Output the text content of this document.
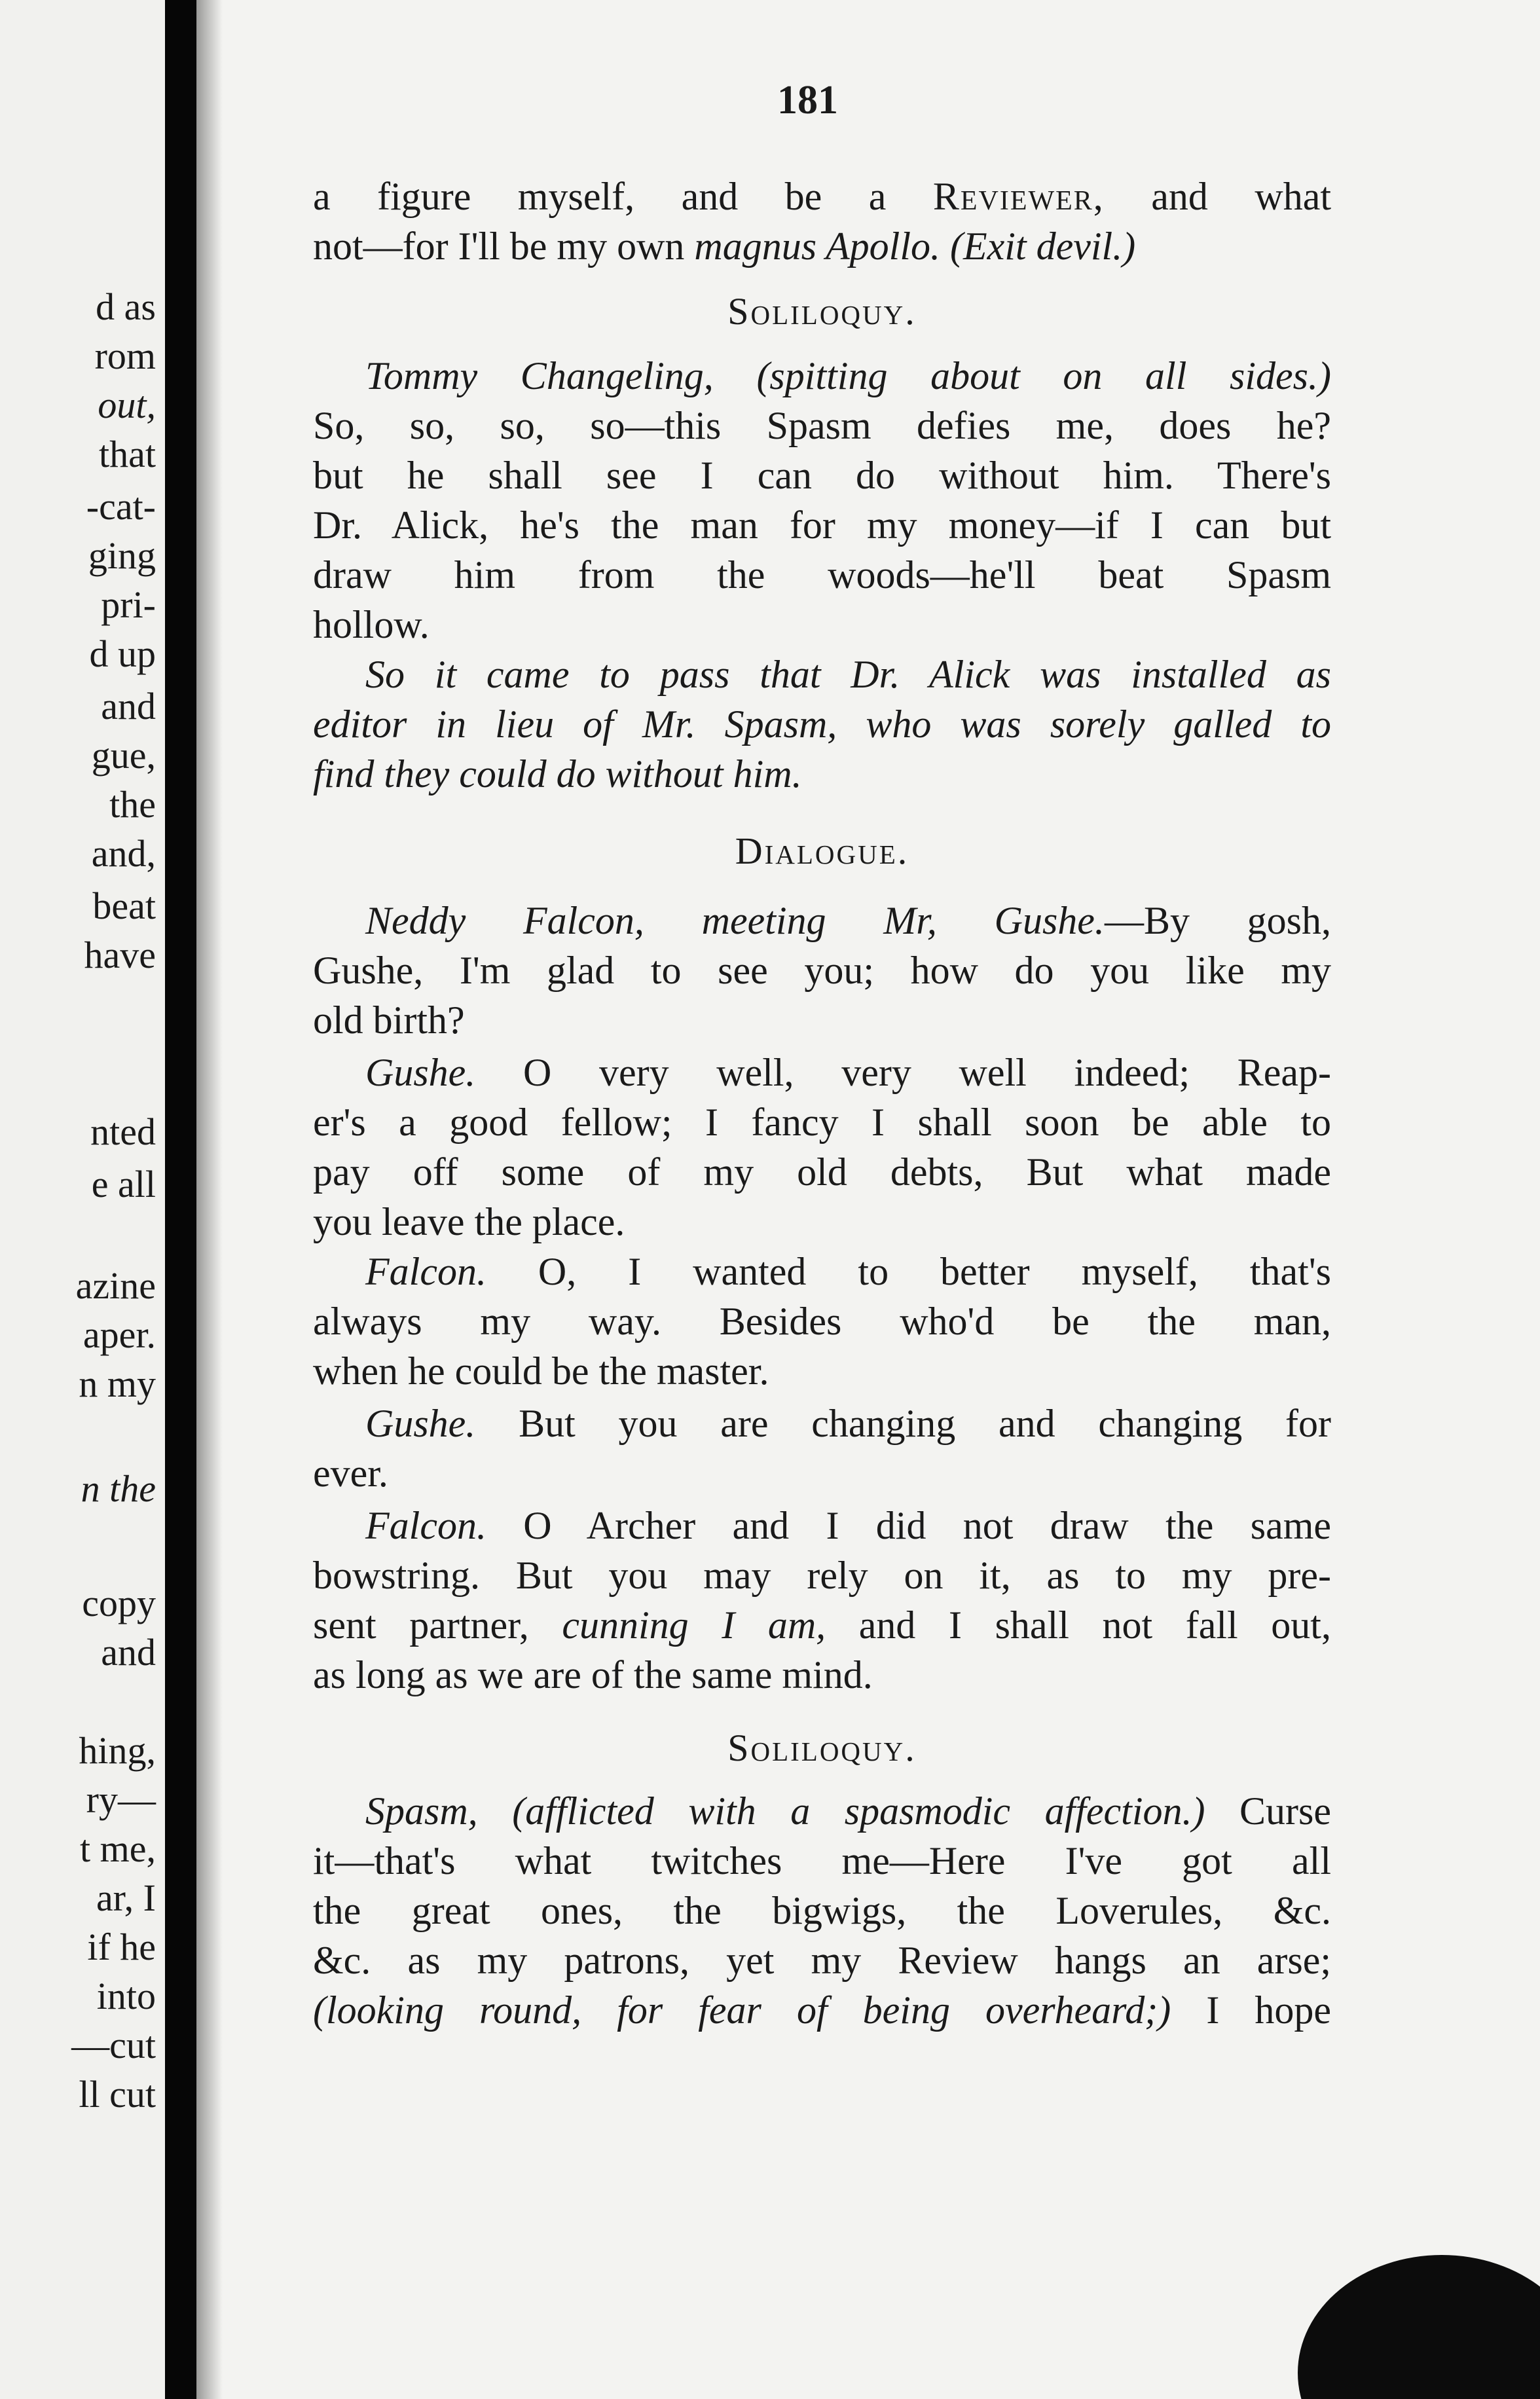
d as
rom
out,
that
-cat-
ging
pri-
d up
and
gue,
the
and,
beat
have
nted
e all
azine
aper.
n my
n the
copy
and
hing,
ry—
t me,
ar, I
if he
into
—cut
ll cut
181
a figure myself, and be a Reviewer, and what
not—for I'll be my own magnus Apollo. (Exit devil.)
Soliloquy.
Tommy Changeling, (spitting about on all sides.)
So, so, so, so—this Spasm defies me, does he?
but he shall see I can do without him. There's
Dr. Alick, he's the man for my money—if I can but
draw him from the woods—he'll beat Spasm
hollow.
So it came to pass that Dr. Alick was installed as
editor in lieu of Mr. Spasm, who was sorely galled to
find they could do without him.
Dialogue.
Neddy Falcon, meeting Mr, Gushe.—By gosh,
Gushe, I'm glad to see you; how do you like my
old birth?
Gushe. O very well, very well indeed; Reap-
er's a good fellow; I fancy I shall soon be able to
pay off some of my old debts, But what made
you leave the place.
Falcon. O, I wanted to better myself, that's
always my way. Besides who'd be the man,
when he could be the master.
Gushe. But you are changing and changing for
ever.
Falcon. O Archer and I did not draw the same
bowstring. But you may rely on it, as to my pre-
sent partner, cunning I am, and I shall not fall out,
as long as we are of the same mind.
Soliloquy.
Spasm, (afflicted with a spasmodic affection.) Curse
it—that's what twitches me—Here I've got all
the great ones, the bigwigs, the Loverules, &c.
&c. as my patrons, yet my Review hangs an arse;
(looking round, for fear of being overheard;) I hope
